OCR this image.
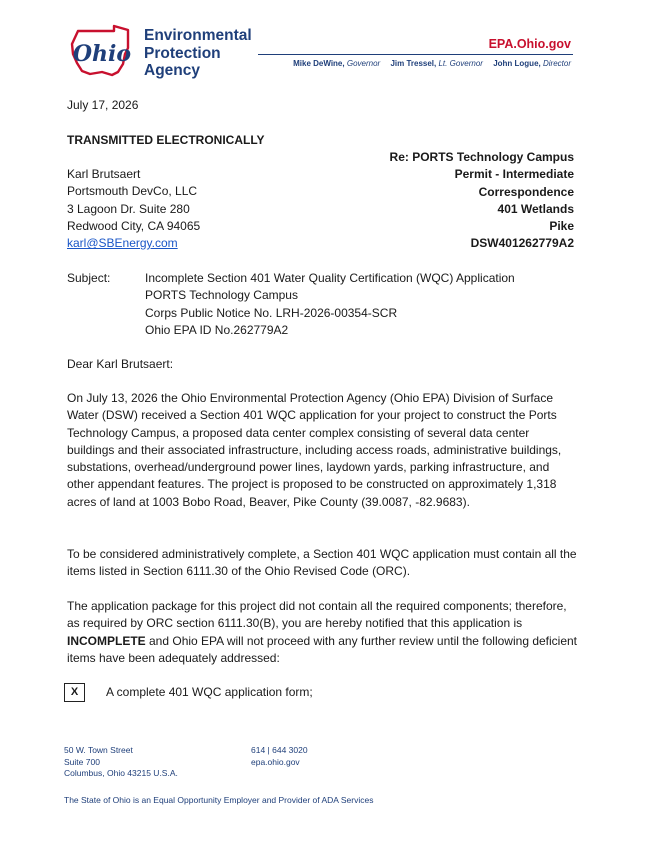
Ohio
Environmental
Protection
Agency
EPA.Ohio.gov
Mike DeWine, Governor Jim Tressel, Lt. Governor John Logue, Director
July 17, 2026
TRANSMITTED ELECTRONICALLY
Re: PORTS Technology Campus
Permit - Intermediate
Correspondence
401 Wetlands
Pike
DSW401262779A2
Karl Brutsaert
Portsmouth DevCo, LLC
3 Lagoon Dr. Suite 280
Redwood City, CA 94065
karl@SBEnergy.com
Subject:	Incomplete Section 401 Water Quality Certification (WQC) Application
PORTS Technology Campus
Corps Public Notice No. LRH-2026-00354-SCR
Ohio EPA ID No.262779A2
Dear Karl Brutsaert:
On July 13, 2026 the Ohio Environmental Protection Agency (Ohio EPA) Division of Surface Water (DSW) received a Section 401 WQC application for your project to construct the Ports Technology Campus, a proposed data center complex consisting of several data center buildings and their associated infrastructure, including access roads, administrative buildings, substations, overhead/underground power lines, laydown yards, parking infrastructure, and other appendant features. The project is proposed to be constructed on approximately 1,318 acres of land at 1003 Bobo Road, Beaver, Pike County (39.0087, -82.9683).
To be considered administratively complete, a Section 401 WQC application must contain all the items listed in Section 6111.30 of the Ohio Revised Code (ORC).
The application package for this project did not contain all the required components; therefore, as required by ORC section 6111.30(B), you are hereby notified that this application is INCOMPLETE and Ohio EPA will not proceed with any further review until the following deficient items have been adequately addressed:
X	A complete 401 WQC application form;
50 W. Town Street
Suite 700
Columbus, Ohio 43215 U.S.A.
614 | 644 3020
epa.ohio.gov
The State of Ohio is an Equal Opportunity Employer and Provider of ADA Services
